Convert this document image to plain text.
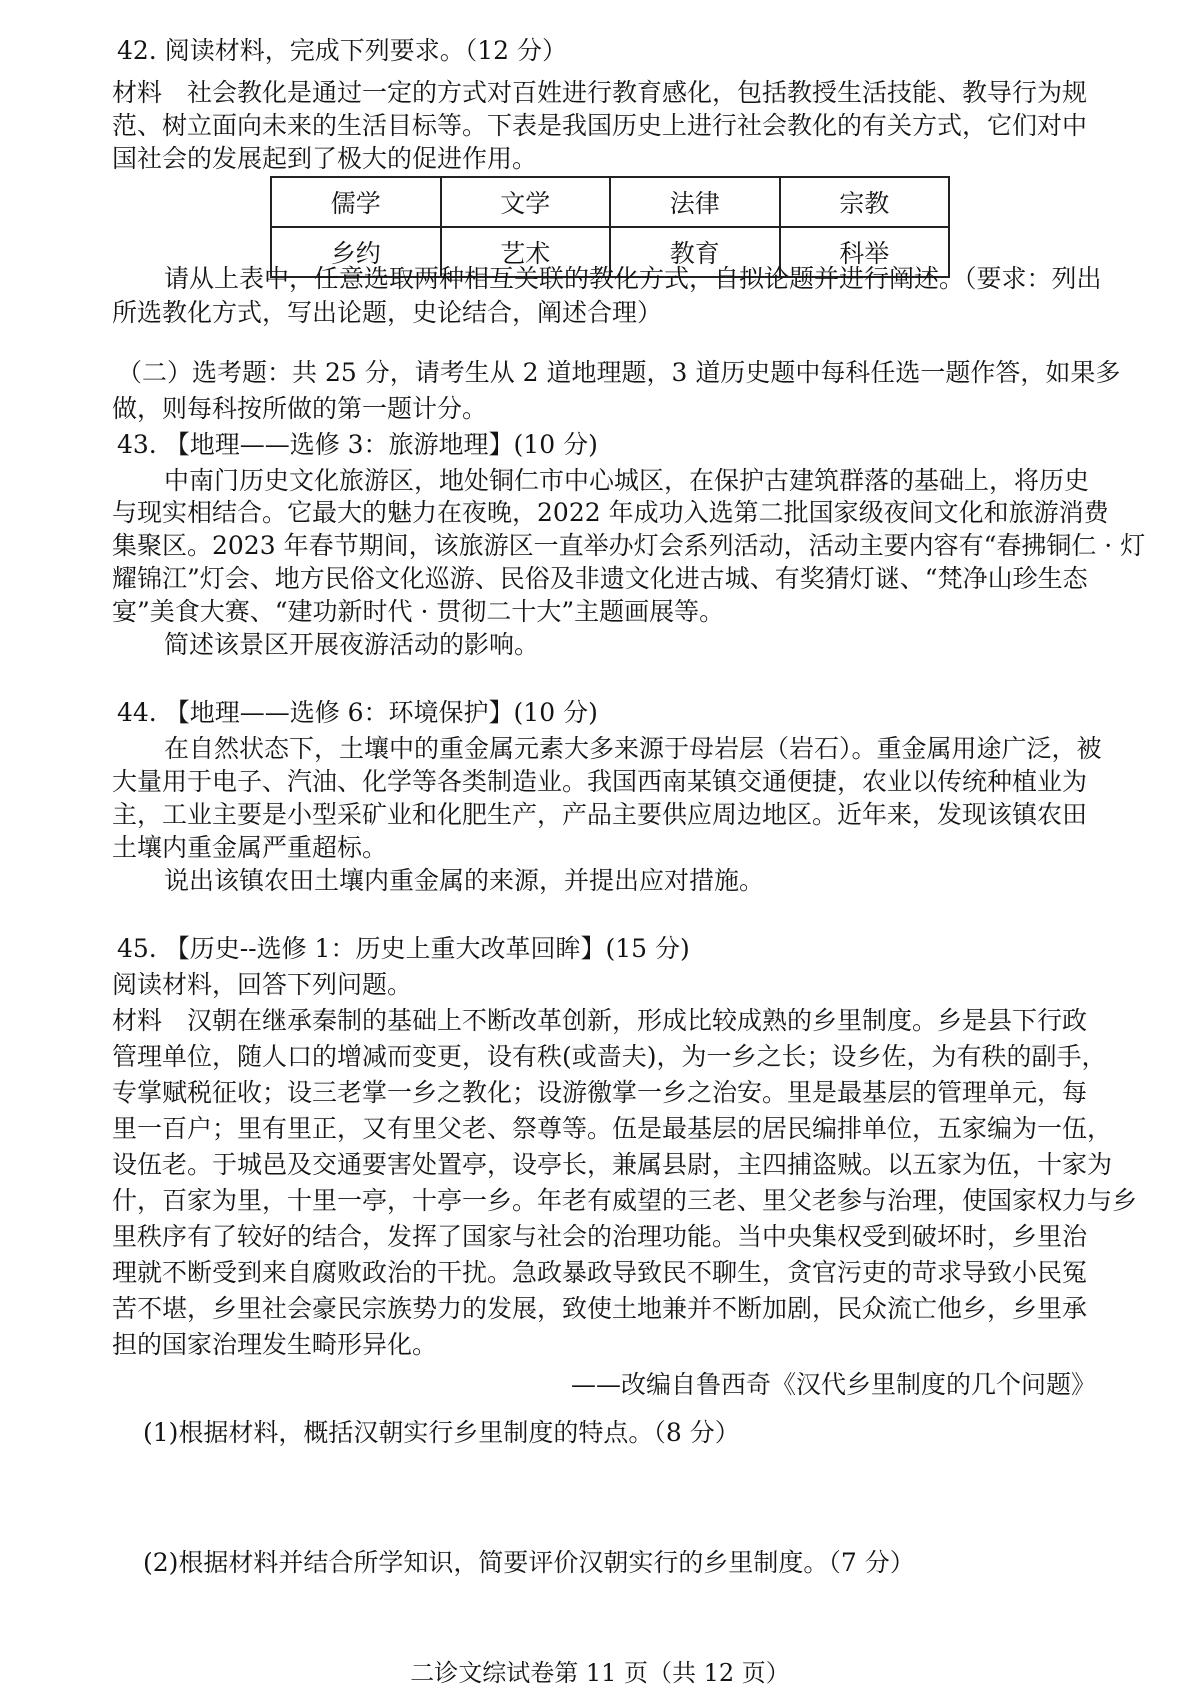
42. 阅读材料，完成下列要求。（12 分）
材料　社会教化是通过一定的方式对百姓进行教育感化，包括教授生活技能、教导行为规
范、树立面向未来的生活目标等。下表是我国历史上进行社会教化的有关方式，它们对中
国社会的发展起到了极大的促进作用。
儒学	文学	法律	宗教
乡约	艺术	教育	科举
请从上表中，任意选取两种相互关联的教化方式，自拟论题并进行阐述。（要求：列出
所选教化方式，写出论题，史论结合，阐述合理）
（二）选考题：共 25 分，请考生从 2 道地理题，3 道历史题中每科任选一题作答，如果多
做，则每科按所做的第一题计分。
43. 【地理——选修 3：旅游地理】(10 分)
中南门历史文化旅游区，地处铜仁市中心城区，在保护古建筑群落的基础上，将历史
与现实相结合。它最大的魅力在夜晚，2022 年成功入选第二批国家级夜间文化和旅游消费
集聚区。2023 年春节期间，该旅游区一直举办灯会系列活动，活动主要内容有“春拂铜仁 · 灯
耀锦江”灯会、地方民俗文化巡游、民俗及非遗文化进古城、有奖猜灯谜、“梵净山珍生态
宴”美食大赛、“建功新时代 · 贯彻二十大”主题画展等。
简述该景区开展夜游活动的影响。
44. 【地理——选修 6：环境保护】(10 分)
在自然状态下，土壤中的重金属元素大多来源于母岩层（岩石）。重金属用途广泛，被
大量用于电子、汽油、化学等各类制造业。我国西南某镇交通便捷，农业以传统种植业为
主，工业主要是小型采矿业和化肥生产，产品主要供应周边地区。近年来，发现该镇农田
土壤内重金属严重超标。
说出该镇农田土壤内重金属的来源，并提出应对措施。
45. 【历史--选修 1：历史上重大改革回眸】(15 分)
阅读材料，回答下列问题。
材料　汉朝在继承秦制的基础上不断改革创新，形成比较成熟的乡里制度。乡是县下行政
管理单位，随人口的增减而变更，设有秩(或啬夫)，为一乡之长；设乡佐，为有秩的副手，
专掌赋税征收；设三老掌一乡之教化；设游徼掌一乡之治安。里是最基层的管理单元，每
里一百户；里有里正，又有里父老、祭尊等。伍是最基层的居民编排单位，五家编为一伍，
设伍老。于城邑及交通要害处置亭，设亭长，兼属县尉，主四捕盗贼。以五家为伍，十家为
什，百家为里，十里一亭，十亭一乡。年老有威望的三老、里父老参与治理，使国家权力与乡
里秩序有了较好的结合，发挥了国家与社会的治理功能。当中央集权受到破坏时，乡里治
理就不断受到来自腐败政治的干扰。急政暴政导致民不聊生，贪官污吏的苛求导致小民冤
苦不堪，乡里社会豪民宗族势力的发展，致使土地兼并不断加剧，民众流亡他乡，乡里承
担的国家治理发生畸形异化。
——改编自鲁西奇《汉代乡里制度的几个问题》
(1)根据材料，概括汉朝实行乡里制度的特点。（8 分）
(2)根据材料并结合所学知识，简要评价汉朝实行的乡里制度。（7 分）
二诊文综试卷第 11 页（共 12 页）
